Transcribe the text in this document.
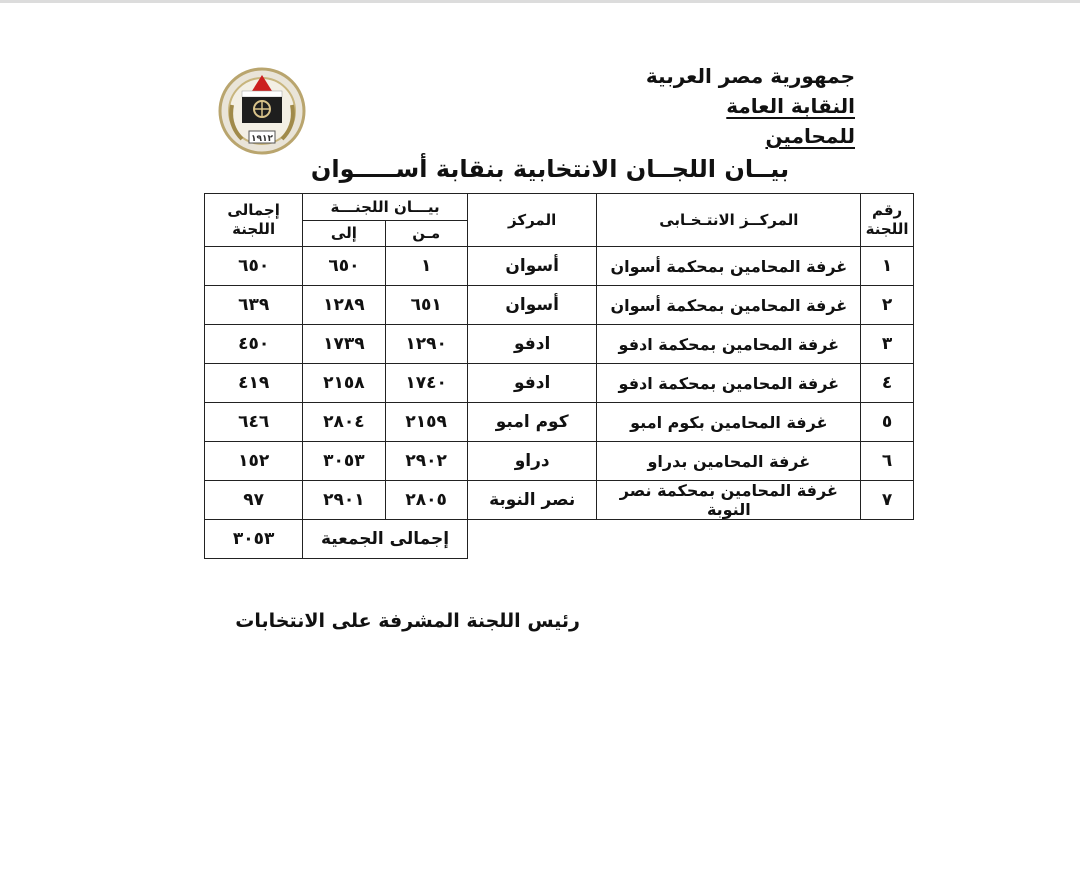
جمهورية مصر العربية
النقابة العامة للمحامين
١٩١٢
بيــان اللجــان الانتخابية بنقابة أســـــوان
رقم اللجنة	المركــز الانتـخـابى	المركز	بيـــان اللجنـــة		إجمالى اللجنة
			مـن	إلى	
١	غرفة المحامين بمحكمة أسوان	أسوان	١	٦٥٠	٦٥٠
٢	غرفة المحامين بمحكمة أسوان	أسوان	٦٥١	١٢٨٩	٦٣٩
٣	غرفة المحامين بمحكمة ادفو	ادفو	١٢٩٠	١٧٣٩	٤٥٠
٤	غرفة المحامين بمحكمة ادفو	ادفو	١٧٤٠	٢١٥٨	٤١٩
٥	غرفة المحامين بكوم امبو	كوم امبو	٢١٥٩	٢٨٠٤	٦٤٦
٦	غرفة المحامين بدراو	دراو	٢٩٠٢	٣٠٥٣	١٥٢
٧	غرفة المحامين بمحكمة نصر النوبة	نصر النوبة	٢٨٠٥	٢٩٠١	٩٧
			إجمالى الجمعية		٣٠٥٣
رئيس اللجنة المشرفة على الانتخابات
